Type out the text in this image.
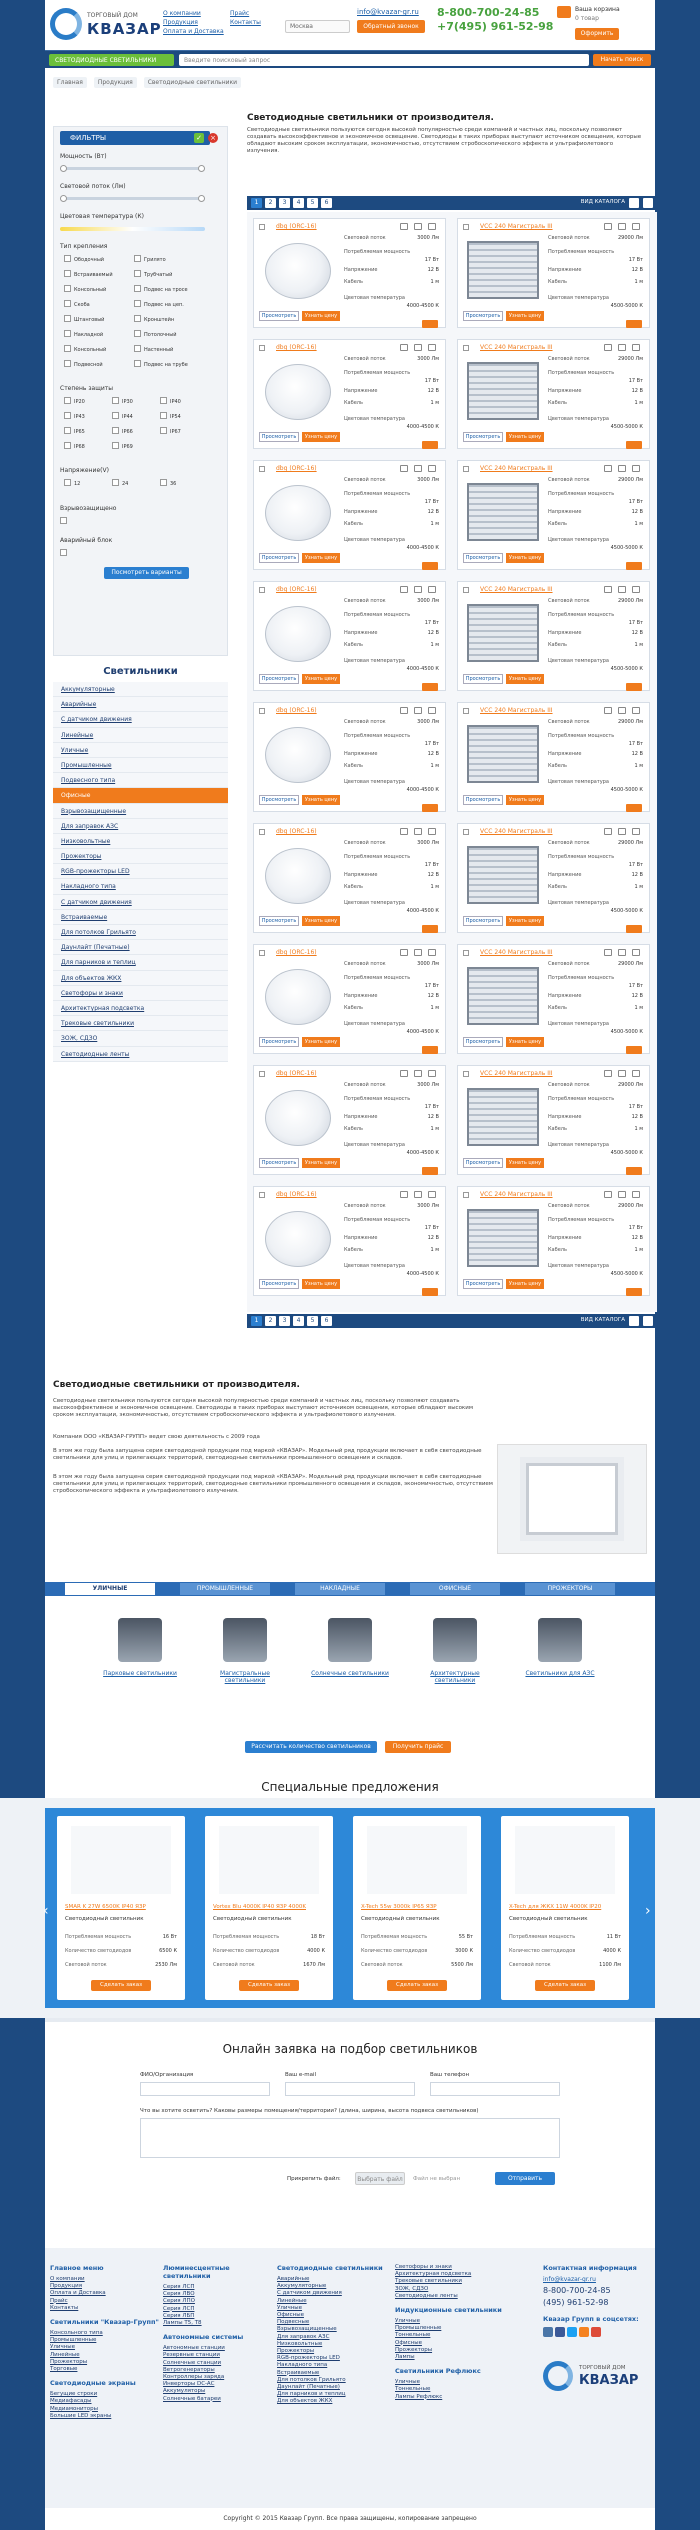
ТОРГОВЫЙ ДОМ
КВАЗАР
О компании
Продукция
Оплата и Доставка
Прайс
Контакты
Москва
info@kvazar-gr.ru
Обратный звонок
8-800-700-24-85
+7(495) 961-52-98
Ваша корзина
0 товар
Оформить
СВЕТОДИОДНЫЕ СВЕТИЛЬНИКИ	Введите поисковый запрос	Начать поиск
Главная Продукция Светодиодные светильники
ФИЛЬТРЫ	✓ ×
Мощность (Вт)
Световой поток (Лм)
Цветовая температура (К)
Тип крепления
Степень защиты
Напряжение(V)
Взрывозащищено
Аварийный блок
Посмотреть варианты
Ободочный	Грилято
Встраиваемый	Трубчатый
Консольный	Подвес на тросе
Скоба	Подвес на цеп.
Штанговый	Кронштейн
Накладной	Потолочный
Консольный	Настенный
Подвесной	Подвес на трубе
IP20	IP30	IP40
IP43	IP44	IP54
IP65	IP66	IP67
IP68	IP69
12	24	36
Светильники
Аккумуляторные
Аварийные
С датчиком движения
Линейные
Уличные
Промышленные
Подвесного типа
Офисные
Взрывозащищенные
Для заправок АЗС
Низковольтные
Прожекторы
RGB-прожекторы LED
Накладного типа
С датчиком движения
Встраиваемые
Для потолков Грильято
Даунлайт (Печатные)
Для парников и теплиц
Для объектов ЖКХ
Светофоры и знаки
Архитектурная подсветка
Трековые светильники
ЗОЖ, СДЗО
Светодиодные ленты
Светодиодные светильники от производителя.
Светодиодные светильники пользуются сегодня высокой популярностью среди компаний и частных лиц, поскольку позволяют создавать высокоэффективное и экономичное освещение. Светодиоды в таких приборах выступают источником освещения, которые обладают высоким сроком эксплуатации, экономичностью, отсутствием стробоскопического эффекта и ультрафиолетового излучения.
1	2	3	4	5	6	ВИД КАТАЛОГА
dbg (ORC-16)
Световой поток	3000 Лм
Потребляемая мощность
17 Вт
Напряжение	12 В
Кабель	1 м
Цветовая температура
4000-4500 К
Просмотреть	Узнать цену
VCC 240 Магистраль III
Световой поток	29000 Лм
Потребляемая мощность
17 Вт
Напряжение	12 В
Кабель	1 м
Цветовая температура
4500-5000 К
Просмотреть	Узнать цену
dbg (ORC-16)
Световой поток	3000 Лм
Потребляемая мощность
17 Вт
Напряжение	12 В
Кабель	1 м
Цветовая температура
4000-4500 К
Просмотреть	Узнать цену
VCC 240 Магистраль III
Световой поток	29000 Лм
Потребляемая мощность
17 Вт
Напряжение	12 В
Кабель	1 м
Цветовая температура
4500-5000 К
Просмотреть	Узнать цену
dbg (ORC-16)
Световой поток	3000 Лм
Потребляемая мощность
17 Вт
Напряжение	12 В
Кабель	1 м
Цветовая температура
4000-4500 К
Просмотреть	Узнать цену
VCC 240 Магистраль III
Световой поток	29000 Лм
Потребляемая мощность
17 Вт
Напряжение	12 В
Кабель	1 м
Цветовая температура
4500-5000 К
Просмотреть	Узнать цену
dbg (ORC-16)
Световой поток	3000 Лм
Потребляемая мощность
17 Вт
Напряжение	12 В
Кабель	1 м
Цветовая температура
4000-4500 К
Просмотреть	Узнать цену
VCC 240 Магистраль III
Световой поток	29000 Лм
Потребляемая мощность
17 Вт
Напряжение	12 В
Кабель	1 м
Цветовая температура
4500-5000 К
Просмотреть	Узнать цену
dbg (ORC-16)
Световой поток	3000 Лм
Потребляемая мощность
17 Вт
Напряжение	12 В
Кабель	1 м
Цветовая температура
4000-4500 К
Просмотреть	Узнать цену
VCC 240 Магистраль III
Световой поток	29000 Лм
Потребляемая мощность
17 Вт
Напряжение	12 В
Кабель	1 м
Цветовая температура
4500-5000 К
Просмотреть	Узнать цену
dbg (ORC-16)
Световой поток	3000 Лм
Потребляемая мощность
17 Вт
Напряжение	12 В
Кабель	1 м
Цветовая температура
4000-4500 К
Просмотреть	Узнать цену
VCC 240 Магистраль III
Световой поток	29000 Лм
Потребляемая мощность
17 Вт
Напряжение	12 В
Кабель	1 м
Цветовая температура
4500-5000 К
Просмотреть	Узнать цену
dbg (ORC-16)
Световой поток	3000 Лм
Потребляемая мощность
17 Вт
Напряжение	12 В
Кабель	1 м
Цветовая температура
4000-4500 К
Просмотреть	Узнать цену
VCC 240 Магистраль III
Световой поток	29000 Лм
Потребляемая мощность
17 Вт
Напряжение	12 В
Кабель	1 м
Цветовая температура
4500-5000 К
Просмотреть	Узнать цену
dbg (ORC-16)
Световой поток	3000 Лм
Потребляемая мощность
17 Вт
Напряжение	12 В
Кабель	1 м
Цветовая температура
4000-4500 К
Просмотреть	Узнать цену
VCC 240 Магистраль III
Световой поток	29000 Лм
Потребляемая мощность
17 Вт
Напряжение	12 В
Кабель	1 м
Цветовая температура
4500-5000 К
Просмотреть	Узнать цену
dbg (ORC-16)
Световой поток	3000 Лм
Потребляемая мощность
17 Вт
Напряжение	12 В
Кабель	1 м
Цветовая температура
4000-4500 К
Просмотреть	Узнать цену
VCC 240 Магистраль III
Световой поток	29000 Лм
Потребляемая мощность
17 Вт
Напряжение	12 В
Кабель	1 м
Цветовая температура
4500-5000 К
Просмотреть	Узнать цену
1	2	3	4	5	6	ВИД КАТАЛОГА
Светодиодные светильники от производителя.
Светодиодные светильники пользуются сегодня высокой популярностью среди компаний и частных лиц, поскольку позволяют создавать высокоэффективное и экономичное освещение. Светодиоды в таких приборах выступают источником освещения, которые обладают высоким сроком эксплуатации, экономичностью, отсутствием стробоскопического эффекта и ультрафиолетового излучения.
Компания ООО «КВАЗАР-ГРУПП» ведет свою деятельность с 2009 года
В этом же году была запущена серия светодиодной продукции под маркой «КВАЗАР». Модельный ряд продукции включает в себя светодиодные светильники для улиц и прилегающих территорий, светодиодные светильники промышленного освещения и складов.
В этом же году была запущена серия светодиодной продукции под маркой «КВАЗАР». Модельный ряд продукции включает в себя светодиодные светильники для улиц и прилегающих территорий, светодиодные светильники промышленного освещения и складов, экономичностью, отсутствием стробоскопического эффекта и ультрафиолетового излучения.
УЛИЧНЫЕ	ПРОМЫШЛЕННЫЕ	НАКЛАДНЫЕ	ОФИСНЫЕ	ПРОЖЕКТОРЫ
Рассчитать количество светильников	Получить прайс
Специальные предложения
Парковые светильники	Магистральные светильники
Солнечные светильники	Архитектурные светильники
Светильники для АЗС
‹	›
SMAR K 27W 6500K IP40 ЯЗР
Светодиодный светильник
Потребляемая мощность	16 Вт
Количество светодиодов	6500 К
Световой поток	2530 Лм
Сделать заказ
Vortex Blu 4000K IP40 ЯЗР 4000K
Светодиодный светильник
Потребляемая мощность	18 Вт
Количество светодиодов	4000 К
Световой поток	1670 Лм
Сделать заказ
X-Tech 55w 3000k IP65 ЯЗР
Светодиодный светильник
Потребляемая мощность	55 Вт
Количество светодиодов	3000 К
Световой поток	5500 Лм
Сделать заказ
X-Tech для ЖКХ 11W 4000K IP20
Светодиодный светильник
Потребляемая мощность	11 Вт
Количество светодиодов	4000 К
Световой поток	1100 Лм
Сделать заказ
Онлайн заявка на подбор светильников
ФИО/Организация	Ваш e-mail	Ваш телефон
Что вы хотите осветить? Каковы размеры помещения/территории? (длина, ширина, высота подвеса светильников)
Прикрепить файл:	Выбрать файл	Файл не выбран	Отправить
Главное меню
О компании
Продукция
Оплата и Доставка
Прайс
Контакты
Светильники "Квазар-Групп"
Консольного типа
Промышленные
Уличные
Линейные
Прожекторы
Торговые
Светодиодные экраны
Бегущие строки
Медиафасады
Медиамониторы
Большие LED экраны
Люминесцентные светильники
Серия ЛСП
Серия ЛВО
Серия ЛПО
Серия ЛСП
Серия ЛБП
Лампы Т5, Т8
Автономные системы
Автономные станции
Резервные станции
Солнечные станции
Ветрогенераторы
Контроллеры заряда
Инверторы DC-AC
Аккумуляторы
Солнечные батареи
Светодиодные светильники
Аварийные
Аккумуляторные
С датчиком движения
Линейные
Уличные
Офисные
Подвесные
Взрывозащищенные
Для заправок АЗС
Низковольтные
Прожекторы
RGB-прожекторы LED
Накладного типа
Встраиваемые
Для потолков Грильято
Даунлайт (Печатные)
Для парников и теплиц
Для объектов ЖКХ
Светофоры и знаки
Архитектурная подсветка
Трековые светильники
ЗОЖ, СДЗО
Светодиодные ленты
Индукционные светильники
Уличные
Промышленные
Тоннельные
Офисные
Прожекторы
Лампы
Светильники Рефлюкс
Уличные
Тоннельные
Лампы Рефлюкс
Контактная информация
info@kvazar-gr.ru
8-800-700-24-85
(495) 961-52-98
Квазар Групп в соцсетях:
ТОРГОВЫЙ ДОМ
КВАЗАР
Copyright © 2015 Квазар Групп. Все права защищены, копирование запрещено
